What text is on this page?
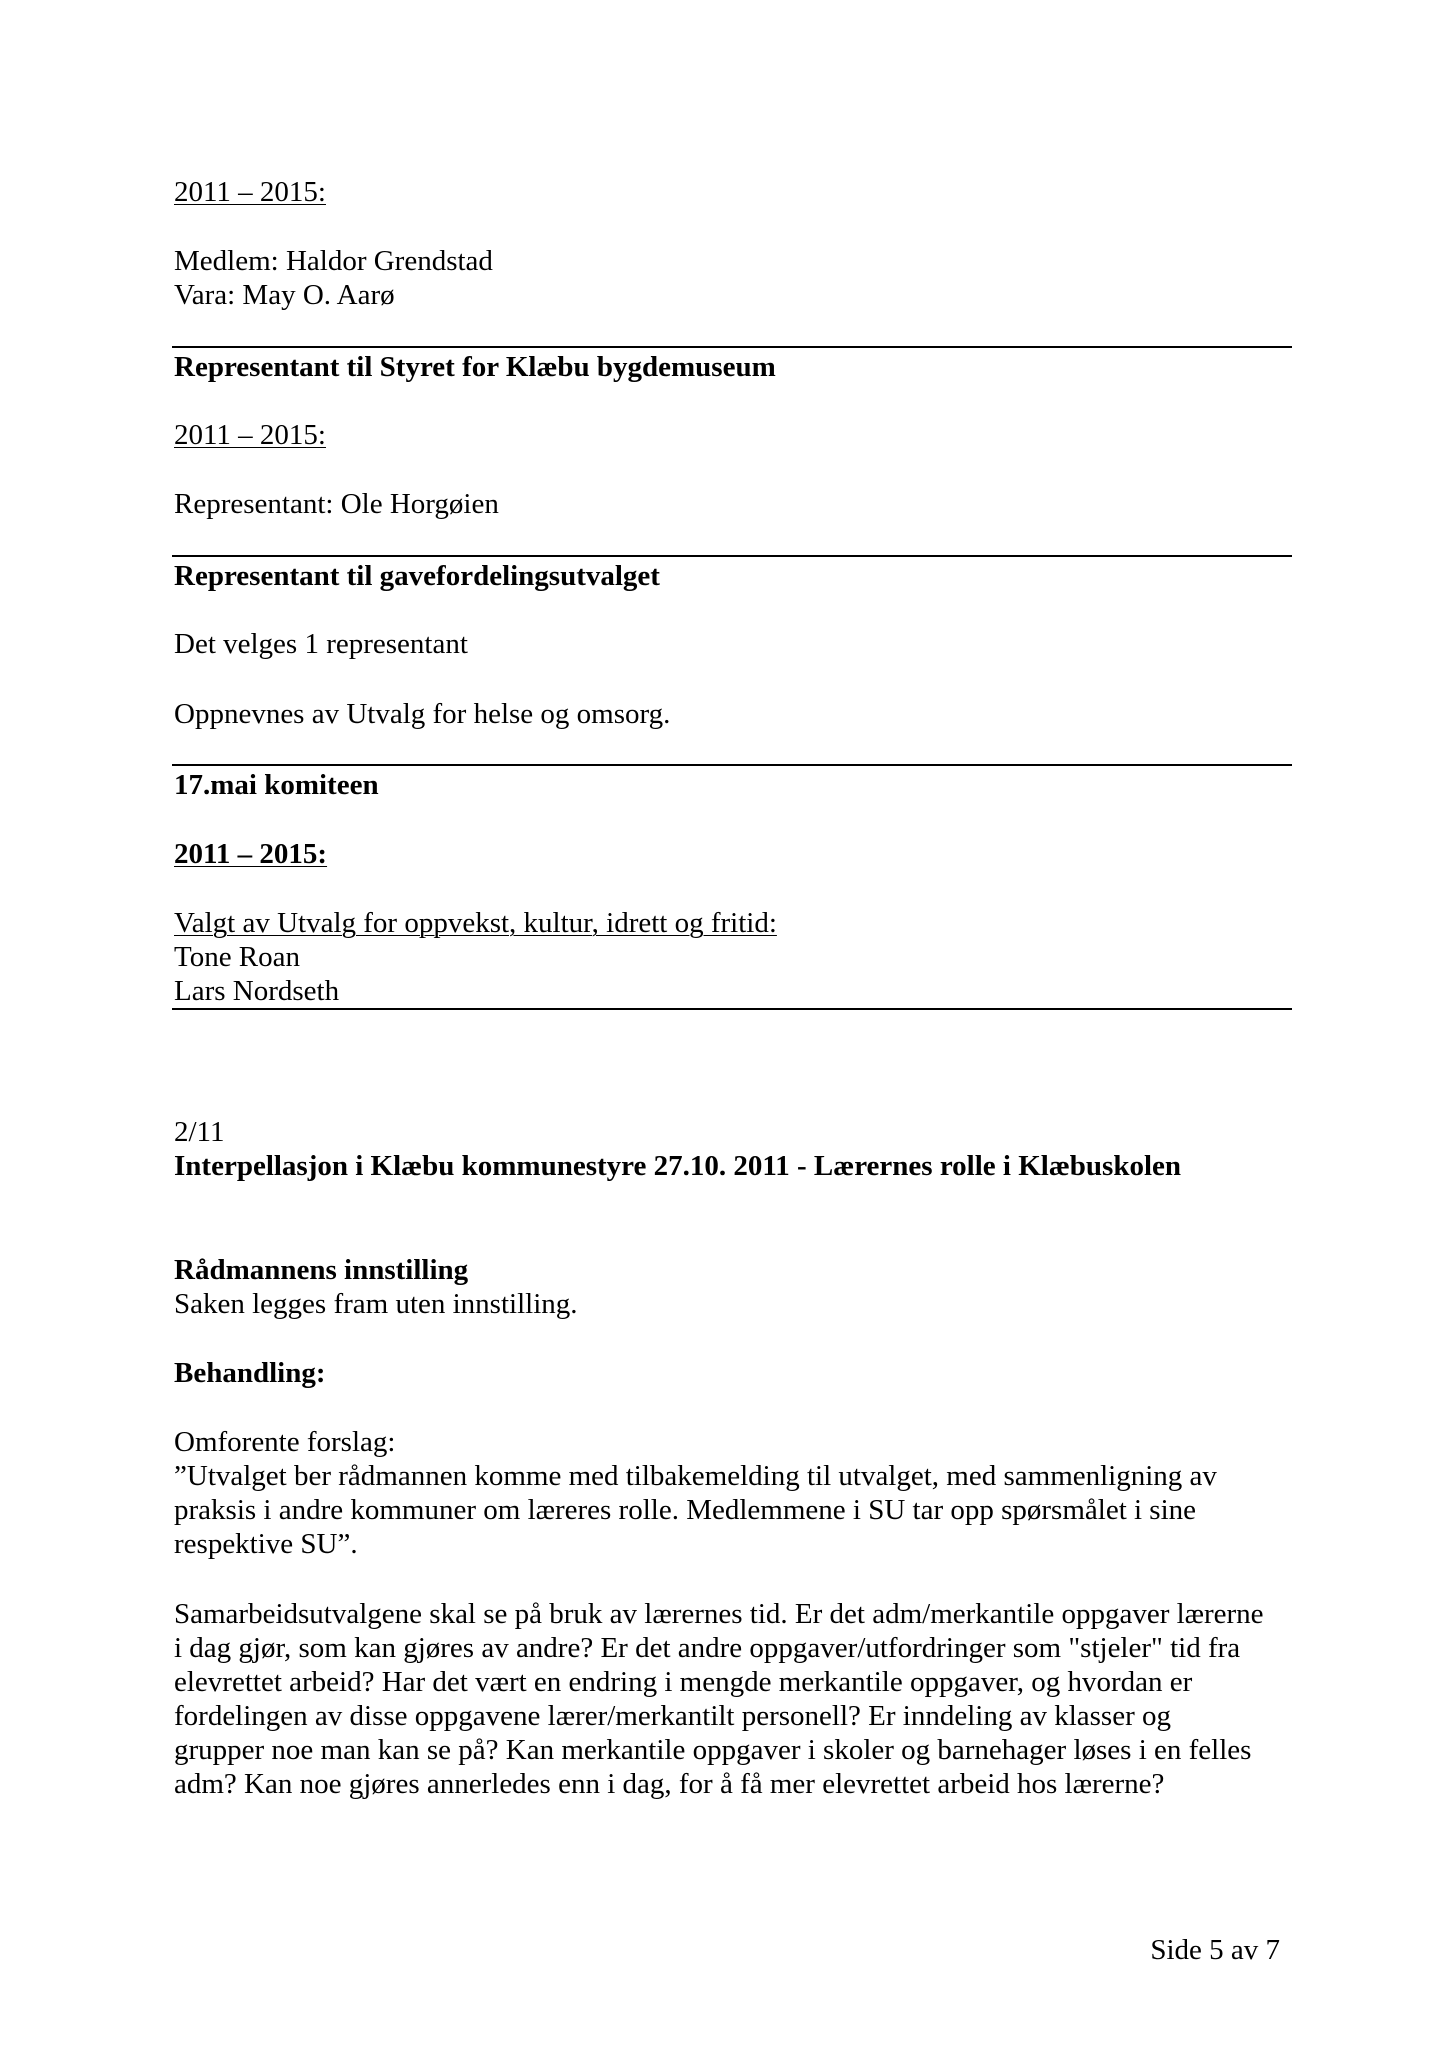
2011 – 2015:
Medlem: Haldor Grendstad
Vara: May O. Aarø
Representant til Styret for Klæbu bygdemuseum
2011 – 2015:
Representant: Ole Horgøien
Representant til gavefordelingsutvalget
Det velges 1 representant
Oppnevnes av Utvalg for helse og omsorg.
17.mai komiteen
2011 – 2015:
Valgt av Utvalg for oppvekst, kultur, idrett og fritid:
Tone Roan
Lars Nordseth
2/11
Interpellasjon i Klæbu kommunestyre 27.10. 2011 - Lærernes rolle i Klæbuskolen
Rådmannens innstilling
Saken legges fram uten innstilling.
Behandling:
Omforente forslag:
”Utvalget ber rådmannen komme med tilbakemelding til utvalget, med sammenligning av
praksis i andre kommuner om læreres rolle. Medlemmene i SU tar opp spørsmålet i sine
respektive SU”.
Samarbeidsutvalgene skal se på bruk av lærernes tid. Er det adm/merkantile oppgaver lærerne
i dag gjør, som kan gjøres av andre? Er det andre oppgaver/utfordringer som "stjeler" tid fra
elevrettet arbeid? Har det vært en endring i mengde merkantile oppgaver, og hvordan er
fordelingen av disse oppgavene lærer/merkantilt personell? Er inndeling av klasser og
grupper noe man kan se på? Kan merkantile oppgaver i skoler og barnehager løses i en felles
adm? Kan noe gjøres annerledes enn i dag, for å få mer elevrettet arbeid hos lærerne?
Side 5 av 7
